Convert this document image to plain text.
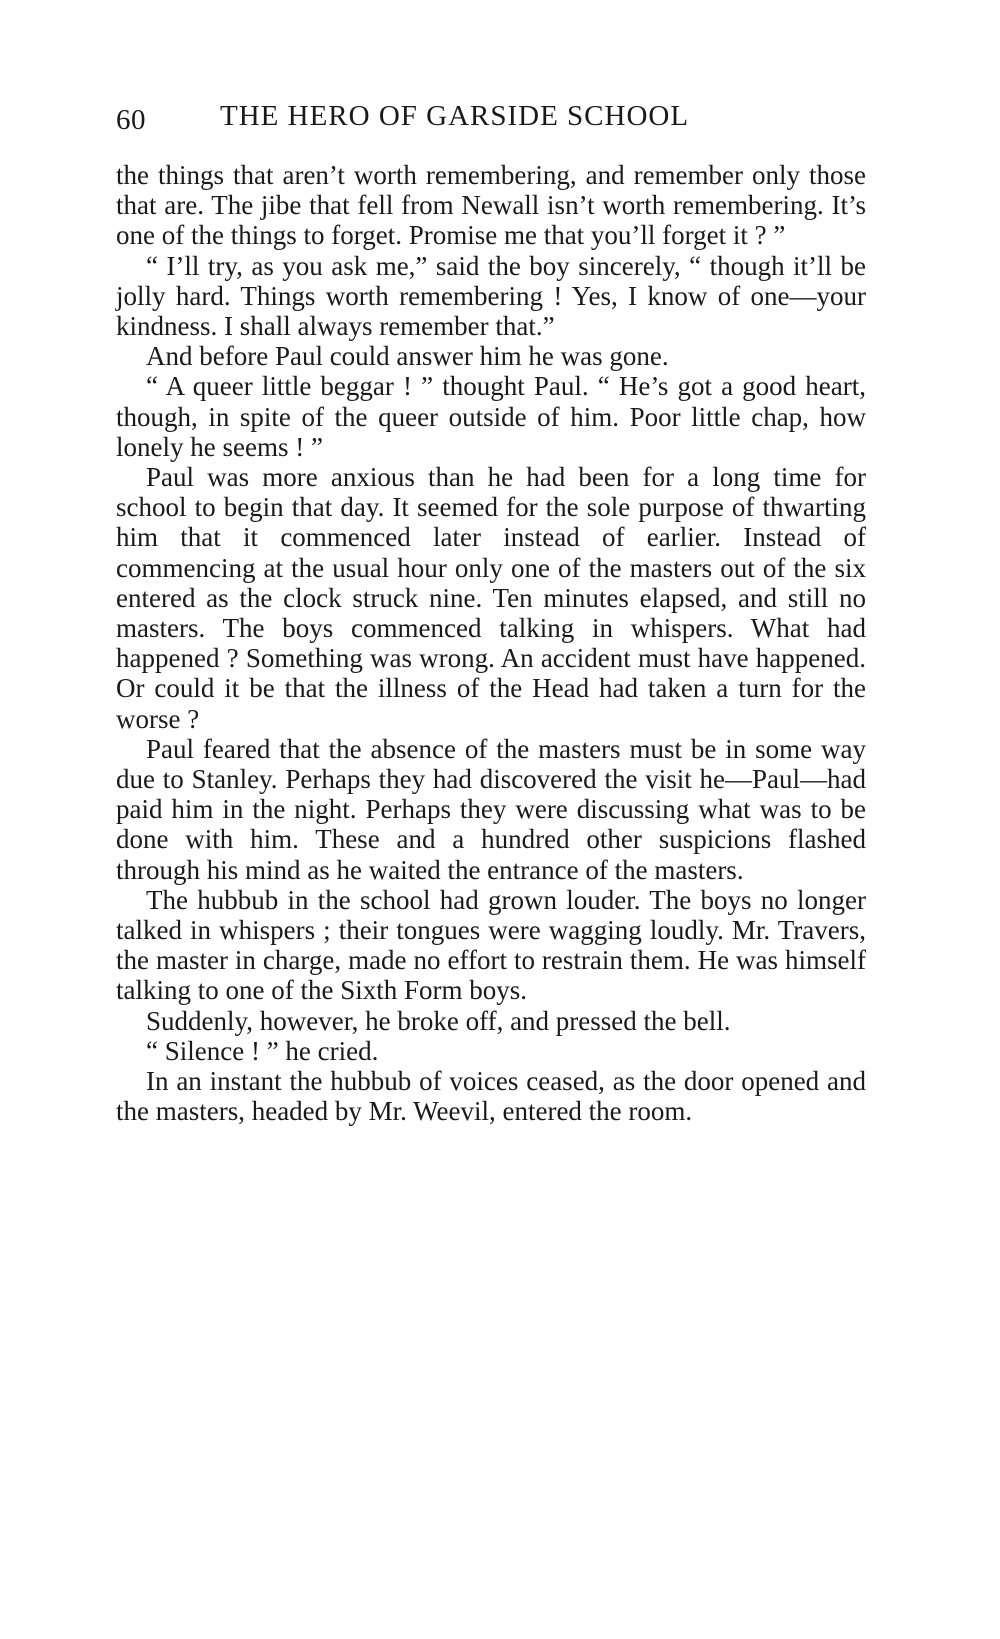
60	THE HERO OF GARSIDE SCHOOL

the things that aren’t worth remembering, and remember only those that are. The jibe that fell from Newall isn’t worth remembering. It’s one of the things to forget. Promise me that you’ll forget it ? ”

“ I’ll try, as you ask me,” said the boy sincerely, “ though it’ll be jolly hard. Things worth remembering ! Yes, I know of one—your kindness. I shall always remember that.”

And before Paul could answer him he was gone.

“ A queer little beggar ! ” thought Paul. “ He’s got a good heart, though, in spite of the queer outside of him. Poor little chap, how lonely he seems ! ”

Paul was more anxious than he had been for a long time for school to begin that day. It seemed for the sole purpose of thwarting him that it commenced later instead of earlier. Instead of commencing at the usual hour only one of the masters out of the six entered as the clock struck nine. Ten minutes elapsed, and still no masters. The boys commenced talking in whispers. What had happened ? Something was wrong. An accident must have happened. Or could it be that the illness of the Head had taken a turn for the worse ?

Paul feared that the absence of the masters must be in some way due to Stanley. Perhaps they had discovered the visit he—Paul—had paid him in the night. Perhaps they were discussing what was to be done with him. These and a hundred other suspicions flashed through his mind as he waited the entrance of the masters.

The hubbub in the school had grown louder. The boys no longer talked in whispers ; their tongues were wagging loudly. Mr. Travers, the master in charge, made no effort to restrain them. He was himself talking to one of the Sixth Form boys.

Suddenly, however, he broke off, and pressed the bell.

“ Silence ! ” he cried.

In an instant the hubbub of voices ceased, as the door opened and the masters, headed by Mr. Weevil, entered the room.
